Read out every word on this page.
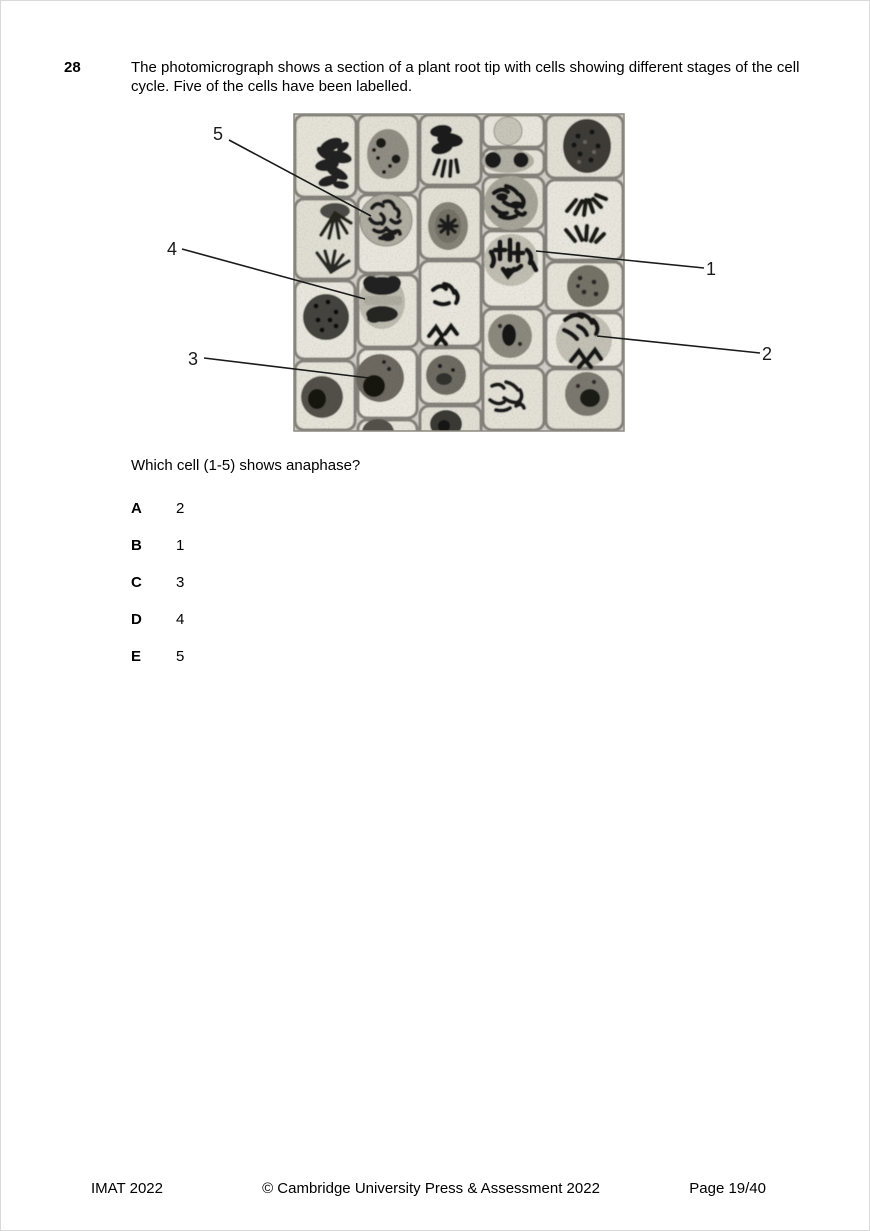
28	The photomicrograph shows a section of a plant root tip with cells showing different stages of the cell cycle. Five of the cells have been labelled.
5
4
3
1
2
Which cell (1-5) shows anaphase?
A	2
B	1
C	3
D	4
E	5
IMAT 2022	© Cambridge University Press & Assessment 2022	Page 19/40
